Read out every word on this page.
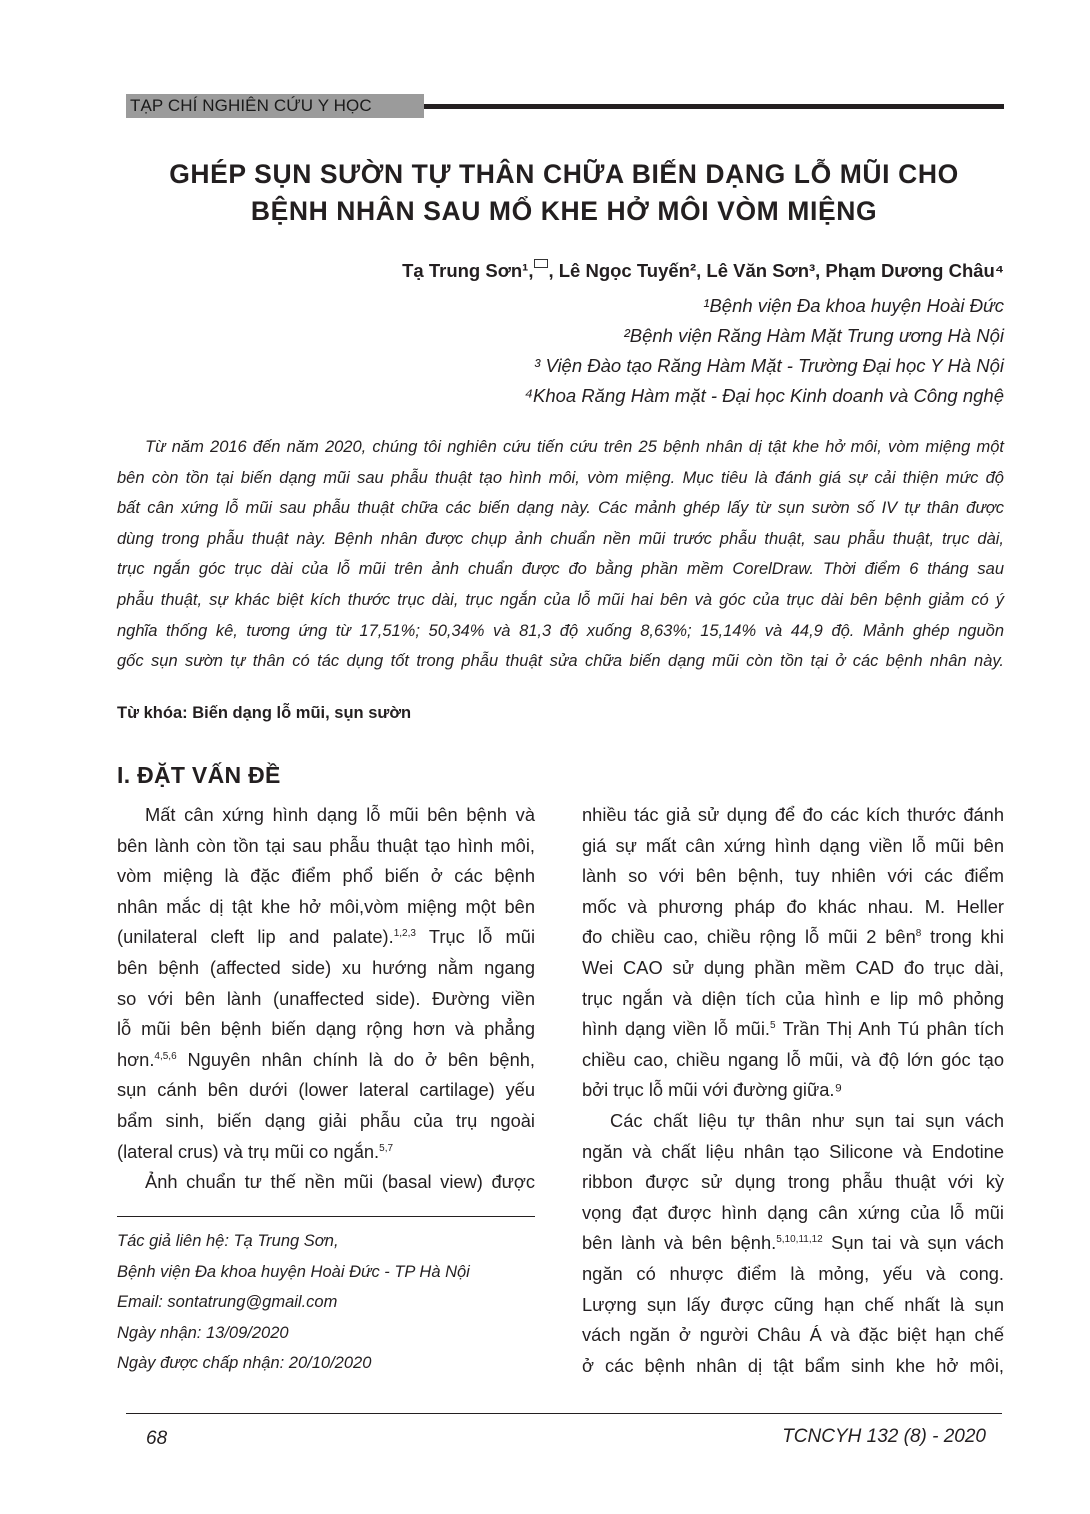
TẠP CHÍ NGHIÊN CỨU Y HỌC
GHÉP SỤN SƯỜN TỰ THÂN CHỮA BIẾN DẠNG LỖ MŨI CHO
BỆNH NHÂN SAU MỔ KHE HỞ MÔI VÒM MIỆNG
Tạ Trung Sơn¹, , Lê Ngọc Tuyến², Lê Văn Sơn³, Phạm Dương Châu⁴
¹Bệnh viện Đa khoa huyện Hoài Đức
²Bệnh viện Răng Hàm Mặt Trung ương Hà Nội
³ Viện Đào tạo Răng Hàm Mặt - Trường Đại học Y Hà Nội
⁴Khoa Răng Hàm mặt - Đại học Kinh doanh và Công nghệ
Từ năm 2016 đến năm 2020, chúng tôi nghiên cứu tiến cứu trên 25 bệnh nhân dị tật khe hở môi, vòm miệng một
bên còn tồn tại biến dạng mũi sau phẫu thuật tạo hình môi, vòm miệng. Mục tiêu là đánh giá sự cải thiện mức độ
bất cân xứng lỗ mũi sau phẫu thuật chữa các biến dạng này. Các mảnh ghép lấy từ sụn sườn số IV tự thân được
dùng trong phẫu thuật này. Bệnh nhân được chụp ảnh chuẩn nền mũi trước phẫu thuật, sau phẫu thuật, trục dài,
trục ngắn góc trục dài của lỗ mũi trên ảnh chuẩn được đo bằng phần mềm CorelDraw. Thời điểm 6 tháng sau
phẫu thuật, sự khác biệt kích thước trục dài, trục ngắn của lỗ mũi hai bên và góc của trục dài bên bệnh giảm có ý
nghĩa thống kê, tương ứng từ 17,51%; 50,34% và 81,3 độ xuống 8,63%; 15,14% và 44,9 độ. Mảnh ghép nguồn
gốc sụn sườn tự thân có tác dụng tốt trong phẫu thuật sửa chữa biến dạng mũi còn tồn tại ở các bệnh nhân này.
Từ khóa: Biến dạng lỗ mũi, sụn sườn
I. ĐẶT VẤN ĐỀ
Mất cân xứng hình dạng lỗ mũi bên bệnh và
bên lành còn tồn tại sau phẫu thuật tạo hình môi,
vòm miệng là đặc điểm phổ biến ở các bệnh
nhân mắc dị tật khe hở môi,vòm miệng một bên
(unilateral cleft lip and palate).$^{1,2,3}$ Trục lỗ mũi
bên bệnh (affected side) xu hướng nằm ngang
so với bên lành (unaffected side). Đường viền
lỗ mũi bên bệnh biến dạng rộng hơn và phẳng
hơn.$^{4,5,6}$ Nguyên nhân chính là do ở bên bệnh,
sụn cánh bên dưới (lower lateral cartilage) yếu
bẩm sinh, biến dạng giải phẫu của trụ ngoài
(lateral crus) và trụ mũi co ngắn.$^{5,7}$
Ảnh chuẩn tư thế nền mũi (basal view) được
nhiều tác giả sử dụng để đo các kích thước đánh
giá sự mất cân xứng hình dạng viền lỗ mũi bên
lành so với bên bệnh, tuy nhiên với các điểm
mốc và phương pháp đo khác nhau. M. Heller
đo chiều cao, chiều rộng lỗ mũi 2 bên$^8$ trong khi
Wei CAO sử dụng phần mềm CAD đo trục dài,
trục ngắn và diện tích của hình e lip mô phỏng
hình dạng viền lỗ mũi.$^5$ Trần Thị Anh Tú phân tích
chiều cao, chiều ngang lỗ mũi, và độ lớn góc tạo
bởi trục lỗ mũi với đường giữa.⁹
Các chất liệu tự thân như sụn tai sụn vách
ngăn và chất liệu nhân tạo Silicone và Endotine
ribbon được sử dụng trong phẫu thuật với kỳ
vọng đạt được hình dạng cân xứng của lỗ mũi
bên lành và bên bệnh.$^{5,10,11,12}$ Sụn tai và sụn vách
ngăn có nhược điểm là mỏng, yếu và cong.
Lượng sụn lấy được cũng hạn chế nhất là sụn
vách ngăn ở người Châu Á và đặc biệt hạn chế
ở các bệnh nhân dị tật bẩm sinh khe hở môi,
Tác giả liên hệ: Tạ Trung Sơn,
Bệnh viện Đa khoa huyện Hoài Đức - TP Hà Nội
Email: sontatrung@gmail.com
Ngày nhận: 13/09/2020
Ngày được chấp nhận: 20/10/2020
68	TCNCYH 132 (8) - 2020
